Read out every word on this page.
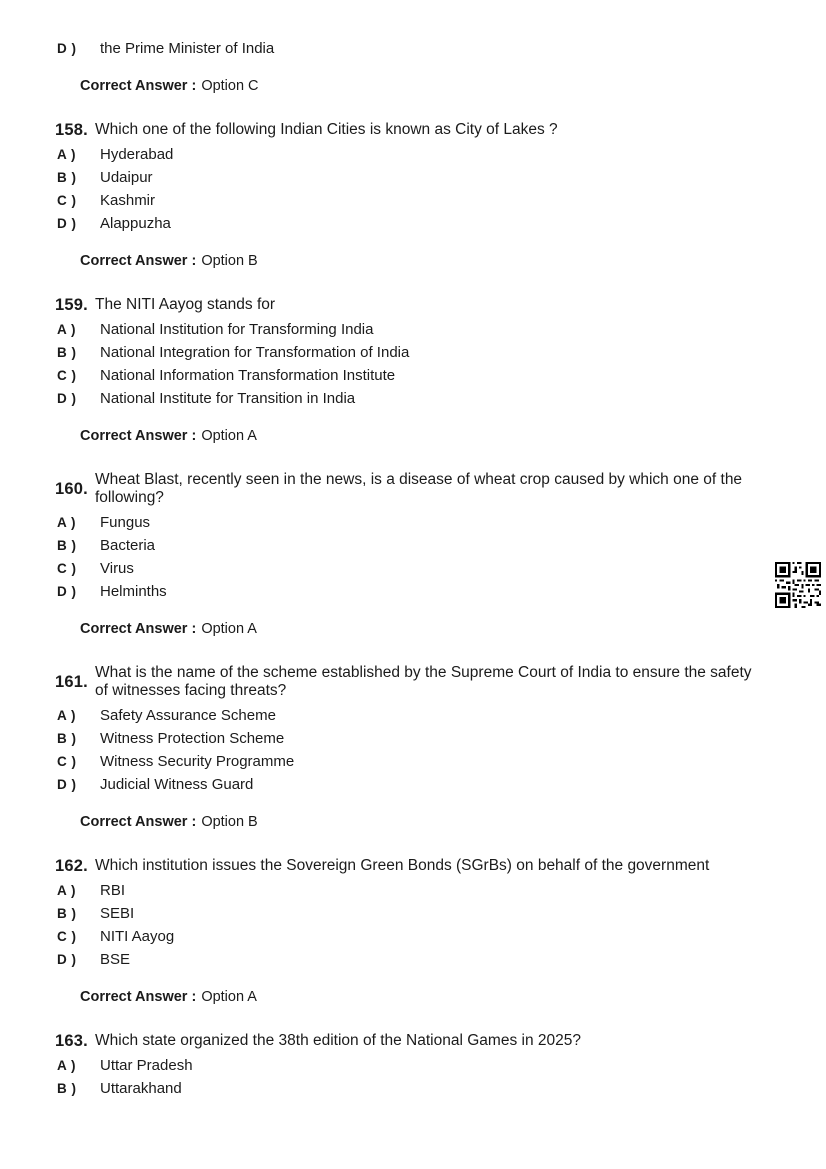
D )	the Prime Minister of India
Correct Answer : Option C
158. Which one of the following Indian Cities is known as City of Lakes ?
A )	Hyderabad
B )	Udaipur
C )	Kashmir
D )	Alappuzha
Correct Answer : Option B
159. The NITI Aayog stands for
A )	National Institution for Transforming India
B )	National Integration for Transformation of India
C )	National Information Transformation Institute
D )	National Institute for Transition in India
Correct Answer : Option A
160.
Wheat Blast, recently seen in the news, is a disease of wheat crop caused by which one of the following?
A )	Fungus
B )	Bacteria
C )	Virus
D )	Helminths
Correct Answer : Option A
161.
What is the name of the scheme established by the Supreme Court of India to ensure the safety of witnesses facing threats?
A )	Safety Assurance Scheme
B )	Witness Protection Scheme
C )	Witness Security Programme
D )	Judicial Witness Guard
Correct Answer : Option B
162. Which institution issues the Sovereign Green Bonds (SGrBs) on behalf of the government
A )	RBI
B )	SEBI
C )	NITI Aayog
D )	BSE
Correct Answer : Option A
163. Which state organized the 38th edition of the National Games in 2025?
A )	Uttar Pradesh
B )	Uttarakhand
